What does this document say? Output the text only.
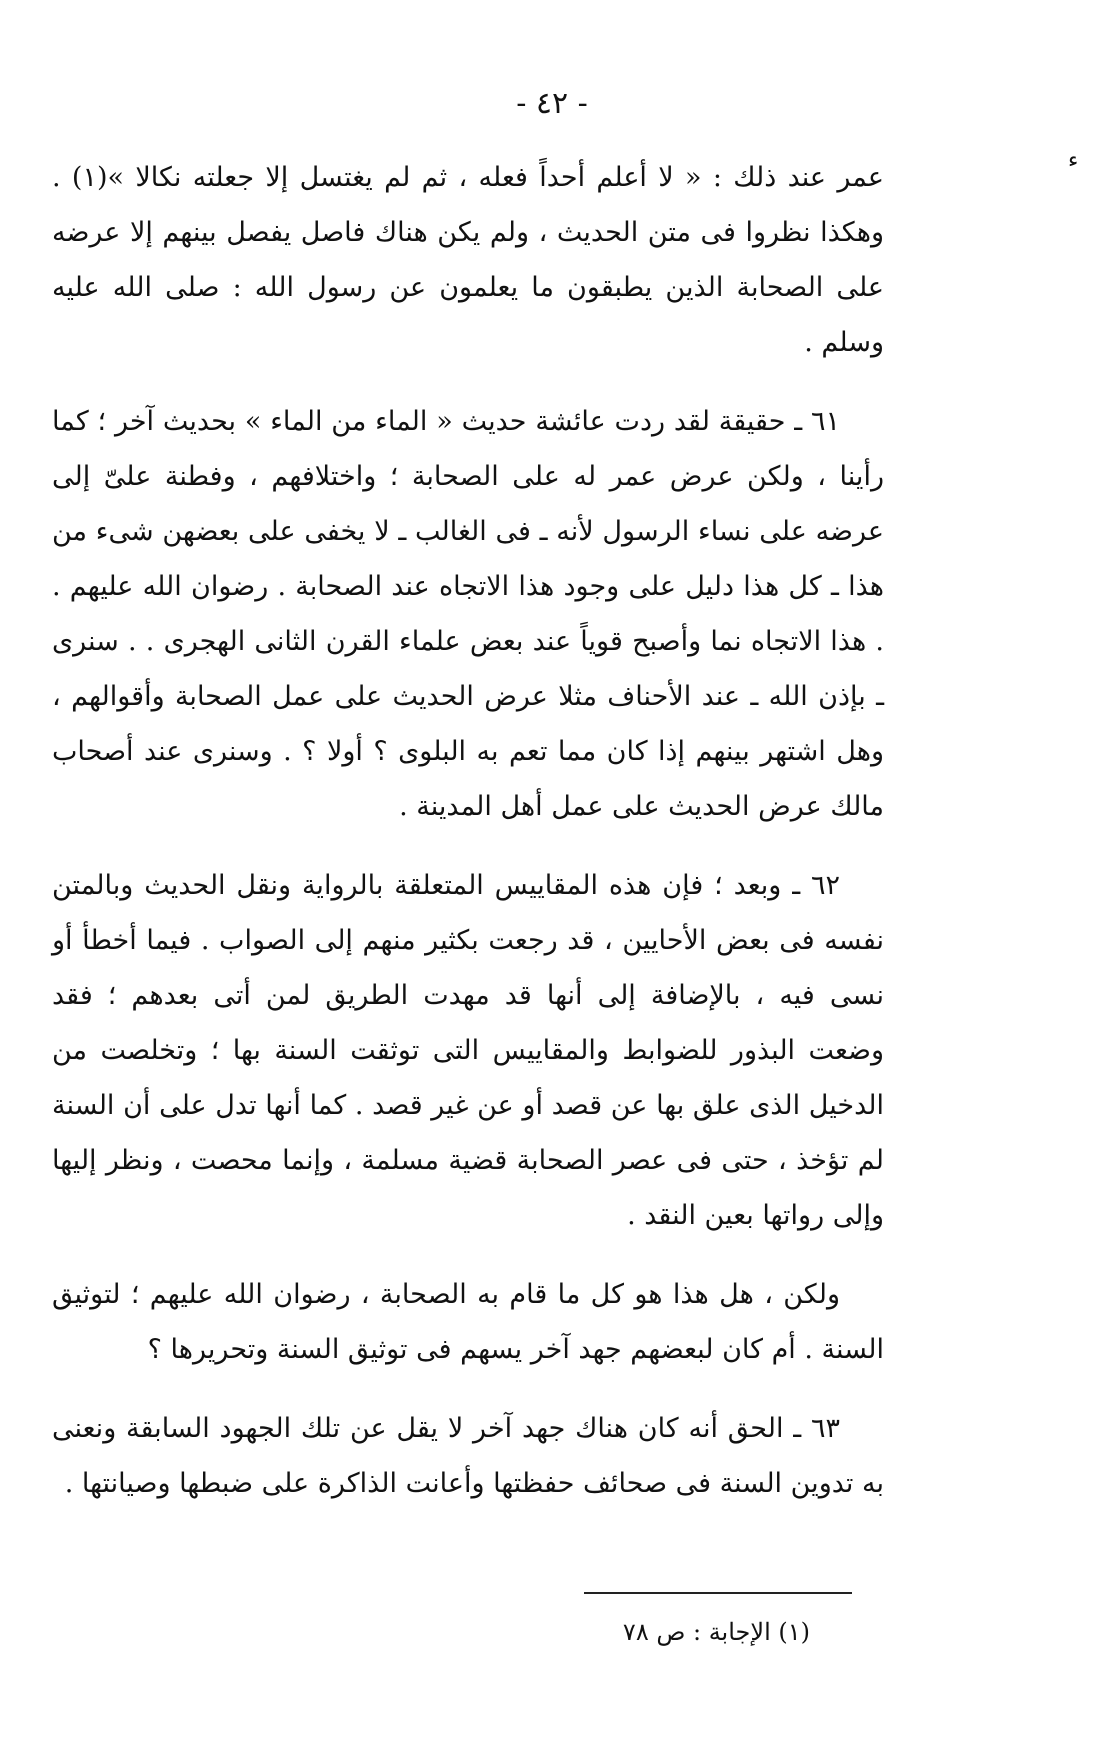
- ٤٢ -
ء

عمر عند ذلك : « لا أعلم أحداً فعله ، ثم لم يغتسل إلا جعلته نكالا »(١) . وهكذا نظروا فى متن الحديث ، ولم يكن هناك فاصل يفصل بينهم إلا عرضه على الصحابة الذين يطبقون ما يعلمون عن رسول الله : صلى الله عليه وسلم .

٦١ ـ حقيقة لقد ردت عائشة حديث « الماء من الماء » بحديث آخر ؛ كما رأينا ، ولكن عرض عمر له على الصحابة ؛ واختلافهم ، وفطنة علىّ إلى عرضه على نساء الرسول لأنه ـ فى الغالب ـ لا يخفى على بعضهن شىء من هذا ـ كل هذا دليل على وجود هذا الاتجاه عند الصحابة . رضوان الله عليهم . . هذا الاتجاه نما وأصبح قوياً عند بعض علماء القرن الثانى الهجرى . . سنرى ـ بإذن الله ـ عند الأحناف مثلا عرض الحديث على عمل الصحابة وأقوالهم ، وهل اشتهر بينهم إذا كان مما تعم به البلوى ؟ أولا ؟ . وسنرى عند أصحاب مالك عرض الحديث على عمل أهل المدينة .

٦٢ ـ وبعد ؛ فإن هذه المقاييس المتعلقة بالرواية ونقل الحديث وبالمتن نفسه فى بعض الأحايين ، قد رجعت بكثير منهم إلى الصواب . فيما أخطأ أو نسى فيه ، بالإضافة إلى أنها قد مهدت الطريق لمن أتى بعدهم ؛ فقد وضعت البذور للضوابط والمقاييس التى توثقت السنة بها ؛ وتخلصت من الدخيل الذى علق بها عن قصد أو عن غير قصد . كما أنها تدل على أن السنة لم تؤخذ ، حتى فى عصر الصحابة قضية مسلمة ، وإنما محصت ، ونظر إليها وإلى رواتها بعين النقد .

ولكن ، هل هذا هو كل ما قام به الصحابة ، رضوان الله عليهم ؛ لتوثيق السنة . أم كان لبعضهم جهد آخر يسهم فى توثيق السنة وتحريرها ؟

٦٣ ـ الحق أنه كان هناك جهد آخر لا يقل عن تلك الجهود السابقة ونعنى به تدوين السنة فى صحائف حفظتها وأعانت الذاكرة على ضبطها وصيانتها .

(١) الإجابة : ص ٧٨
